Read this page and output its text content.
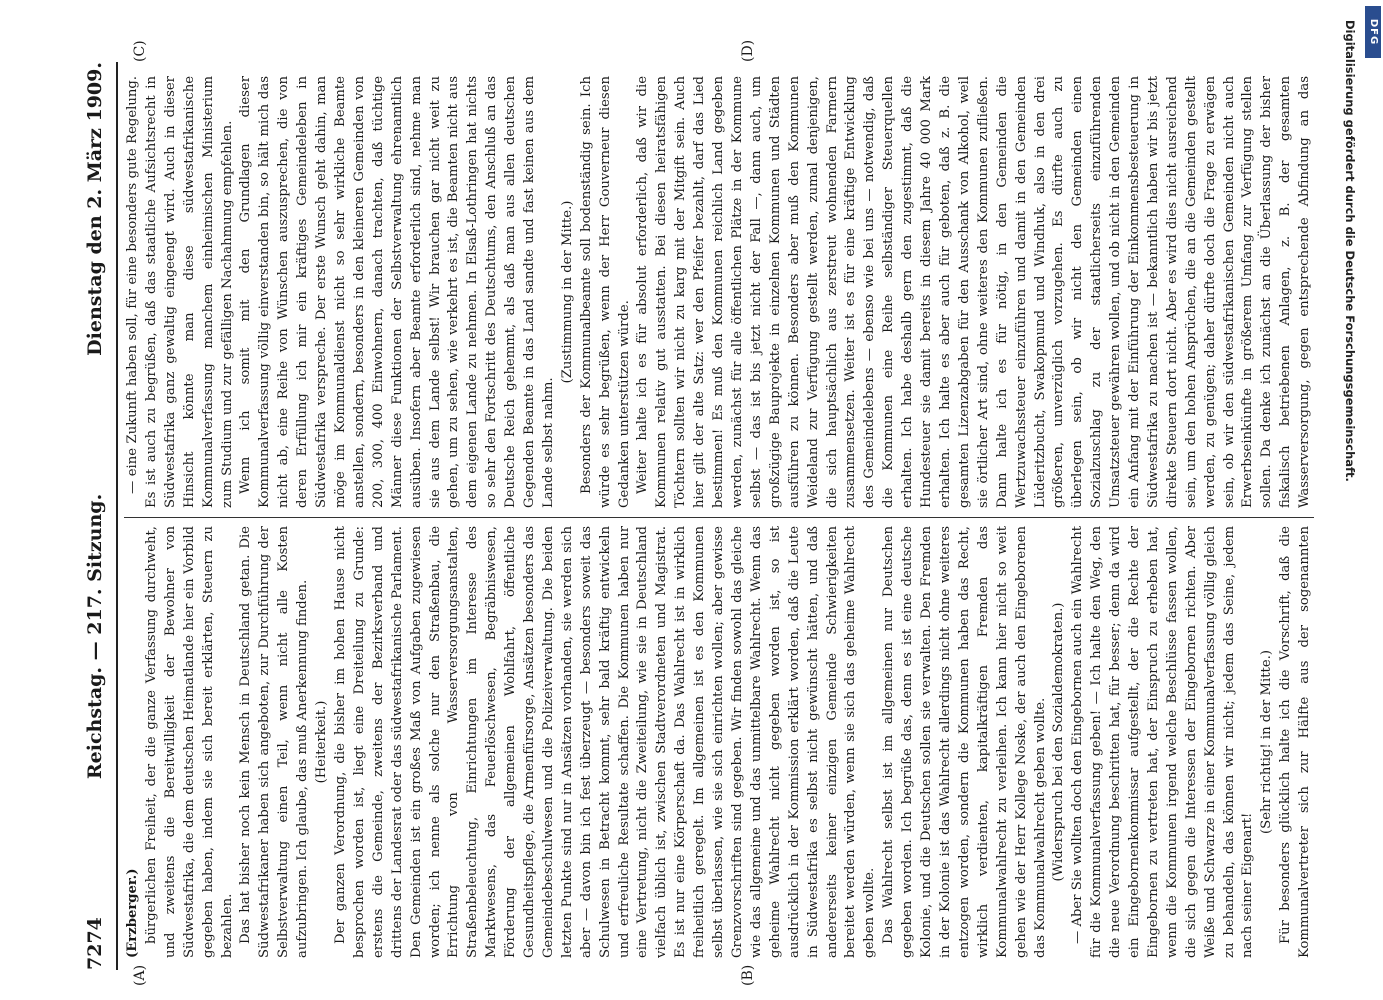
7274
Reichstag. — 217. Sitzung.
Dienstag den 2. März 1909.

(Erzberger.) bürgerlichen Freiheit, der die ganze Verfassung durchweht, und zweitens die Bereitwilligkeit der Bewohner von Südwestafrika, die dem deutschen Heimatlande hier ein Vorbild gegeben haben, indem sie sich bereit erklärten, Steuern zu bezahlen. Das hat bisher noch kein Mensch in Deutschland getan. Die Südwestafrikaner haben sich angeboten, zur Durchführung der Selbstverwaltung einen Teil, wenn nicht alle Kosten aufzubringen. Ich glaube, das muß Anerkennung finden. (Heiterkeit.) Der ganzen Verordnung, die bisher im hohen Hause nicht besprochen worden ist, liegt eine Dreiteilung zu Grunde: erstens die Gemeinde, zweitens der Bezirksverband und drittens der Landesrat oder das südwestafrikanische Parlament. Den Gemeinden ist ein großes Maß von Aufgaben zugewiesen worden; ich nenne als solche nur den Straßenbau, die Errichtung von Wasserversorgungsanstalten, Straßenbeleuchtung, Einrichtungen im Interesse des Marktwesens, das Feuerlöschwesen, Begräbniswesen, Förderung der allgemeinen Wohlfahrt, öffentliche Gesundheitspflege, die Armenfürsorge, Ansätzen besonders das Gemeindebeschulwesen und die Polizeiverwaltung. Die beiden letzten Punkte sind nur in Ansätzen vorhanden, sie werden sich aber — davon bin ich fest überzeugt — besonders soweit das Schulwesen in Betracht kommt, sehr bald kräftig entwickeln und erfreuliche Resultate schaffen. Die Kommunen haben nur eine Vertretung, nicht die Zweiteilung, wie sie in Deutschland vielfach üblich ist, zwischen Stadtverordneten und Magistrat. Es ist nur eine Körperschaft da. Das Wahlrecht ist in wirklich freiheitlich geregelt. Im allgemeinen ist es den Kommunen selbst überlassen, wie sie sich einrichten wollen; aber gewisse Grenzvorschriften sind gegeben. Wir finden sowohl das gleiche wie das allgemeine und das unmittelbare Wahlrecht. Wenn das geheime Wahlrecht nicht gegeben worden ist, so ist ausdrücklich in der Kommission erklärt worden, daß die Leute in Südwestafrika es selbst nicht gewünscht hätten, und daß andererseits keiner einzigen Gemeinde Schwierigkeiten bereitet werden würden, wenn sie sich das geheime Wahlrecht geben wollte. Das Wahlrecht selbst ist im allgemeinen nur Deutschen gegeben worden. Ich begrüße das, denn es ist eine deutsche Kolonie, und die Deutschen sollen sie verwalten. Den Fremden in der Kolonie ist das Wahlrecht allerdings nicht ohne weiteres entzogen worden, sondern die Kommunen haben das Recht, wirklich verdienten, kapitalkräftigen Fremden das Kommunalwahlrecht zu verleihen. Ich kann hier nicht so weit gehen wie der Herr Kollege Noske, der auch den Eingeborenen das Kommunalwahlrecht geben wollte. (Widerspruch bei den Sozialdemokraten.) — Aber Sie wollten doch den Eingebornen auch ein Wahlrecht für die Kommunalverfassung geben! — Ich halte den Weg, den die neue Verordnung beschritten hat, für besser; denn da wird ein Eingebornenkommissar aufgestellt, der die Rechte der Eingebornen zu vertreten hat, der Einspruch zu erheben hat, wenn die Kommunen irgend welche Beschlüsse fassen wollen, die sich gegen die Interessen der Eingebornen richten. Aber Weiße und Schwarze in einer Kommunalverfassung völlig gleich zu behandeln, das können wir nicht; jedem das Seine, jedem nach seiner Eigenart!

(Sehr richtig! in der Mitte.)

Für besonders glücklich halte ich die Vorschrift, daß die Kommunalvertreter sich zur Hälfte aus der sogenannten

— eine Zukunft haben soll, für eine besonders gute Regelung. Es ist auch zu begrüßen, daß das staatliche Aufsichtsrecht in Südwestafrika ganz gewaltig eingeengt wird. Auch in dieser Hinsicht könnte man diese südwestafrikanische Kommunalverfassung manchem einheimischen Ministerium zum Studium und zur gefälligen Nachahmung empfehlen. Wenn ich somit mit den Grundlagen dieser Kommunalverfassung völlig einverstanden bin, so hält mich das nicht ab, eine Reihe von Wünschen auszusprechen, die von deren Erfüllung ich mir ein kräftiges Gemeindeleben in Südwestafrika verspreche. Der erste Wunsch geht dahin, man möge im Kommunaldienst nicht so sehr wirkliche Beamte anstellen, sondern, besonders in den kleineren Gemeinden von 200, 300, 400 Einwohnern, danach trachten, daß tüchtige Männer diese Funktionen der Selbstverwaltung ehrenamtlich ausüben. Insofern aber Beamte erforderlich sind, nehme man sie aus dem Lande selbst! Wir brauchen gar nicht weit zu gehen, um zu sehen, wie verkehrt es ist, die Beamten nicht aus dem eigenen Lande zu nehmen. In Elsaß-Lothringen hat nichts so sehr den Fortschritt des Deutschtums, den Anschluß an das Deutsche Reich gehemmt, als daß man aus allen deutschen Gegenden Beamte in das Land sandte und fast keinen aus dem Lande selbst nahm.

(Zustimmung in der Mitte.) Besonders der Kommunalbeamte soll bodenständig sein. Ich würde es sehr begrüßen, wenn der Herr Gouverneur diesen Gedanken unterstützen würde. Weiter halte ich es für absolut erforderlich, daß wir die Kommunen relativ gut ausstatten. Bei diesen heiratsfähigen Töchtern sollten wir nicht zu karg mit der Mitgift sein. Auch hier gilt der alte Satz: wer den Pfeifer bezahlt, darf das Lied bestimmen! Es muß den Kommunen reichlich Land gegeben werden, zunächst für alle öffentlichen Plätze in der Kommune selbst — das ist bis jetzt nicht der Fall —, dann auch, um großzügige Bauprojekte in einzelnen Kommunen und Städten ausführen zu können. Besonders aber muß den Kommunen Weideland zur Verfügung gestellt werden, zumal denjenigen, die sich hauptsächlich aus zerstreut wohnenden Farmern zusammensetzen. Weiter ist es für eine kräftige Entwicklung des Gemeindelebens — ebenso wie bei uns — notwendig, daß die Kommunen eine Reihe selbständiger Steuerquellen erhalten. Ich habe deshalb gern den zugestimmt, daß die Hundesteuer sie damit bereits in diesem Jahre 40 000 Mark erhalten. Ich halte es aber auch für geboten, daß z. B. die gesamten Lizenzabgaben für den Ausschank von Alkohol, weil sie örtlicher Art sind, ohne weiteres den Kommunen zufließen. Dann halte ich es für nötig, in den Gemeinden die Wertzuwachssteuer einzuführen und damit in den Gemeinden Lüderitzbucht, Swakopmund und Windhuk, also in den drei größeren, unverzüglich vorzugehen. Es dürfte auch zu überlegen sein, ob wir nicht den Gemeinden einen Sozialzuschlag zu der staatlicherseits einzuführenden Umsatzsteuer gewähren wollen, und ob nicht in den Gemeinden ein Anfang mit der Einführung der Einkommensbesteuerung in Südwestafrika zu machen ist — bekanntlich haben wir bis jetzt direkte Steuern dort nicht. Aber es wird dies nicht ausreichend sein, um den hohen Ansprüchen, die an die Gemeinden gestellt werden, zu genügen; daher dürfte doch die Frage zu erwägen sein, ob wir den südwestafrikanischen Gemeinden nicht auch Erwerbseinkünfte in größerem Umfang zur Verfügung stellen sollen. Da denke ich zunächst an die Überlassung der bisher fiskalisch betriebenen Anlagen, z. B. der gesamten Wasserversorgung, gegen entsprechende Abfindung an das

(A)	(B)
(C)	(D)	Digitalisierung gefördert durch die Deutsche Forschungsgemeinschaft.	DFG
